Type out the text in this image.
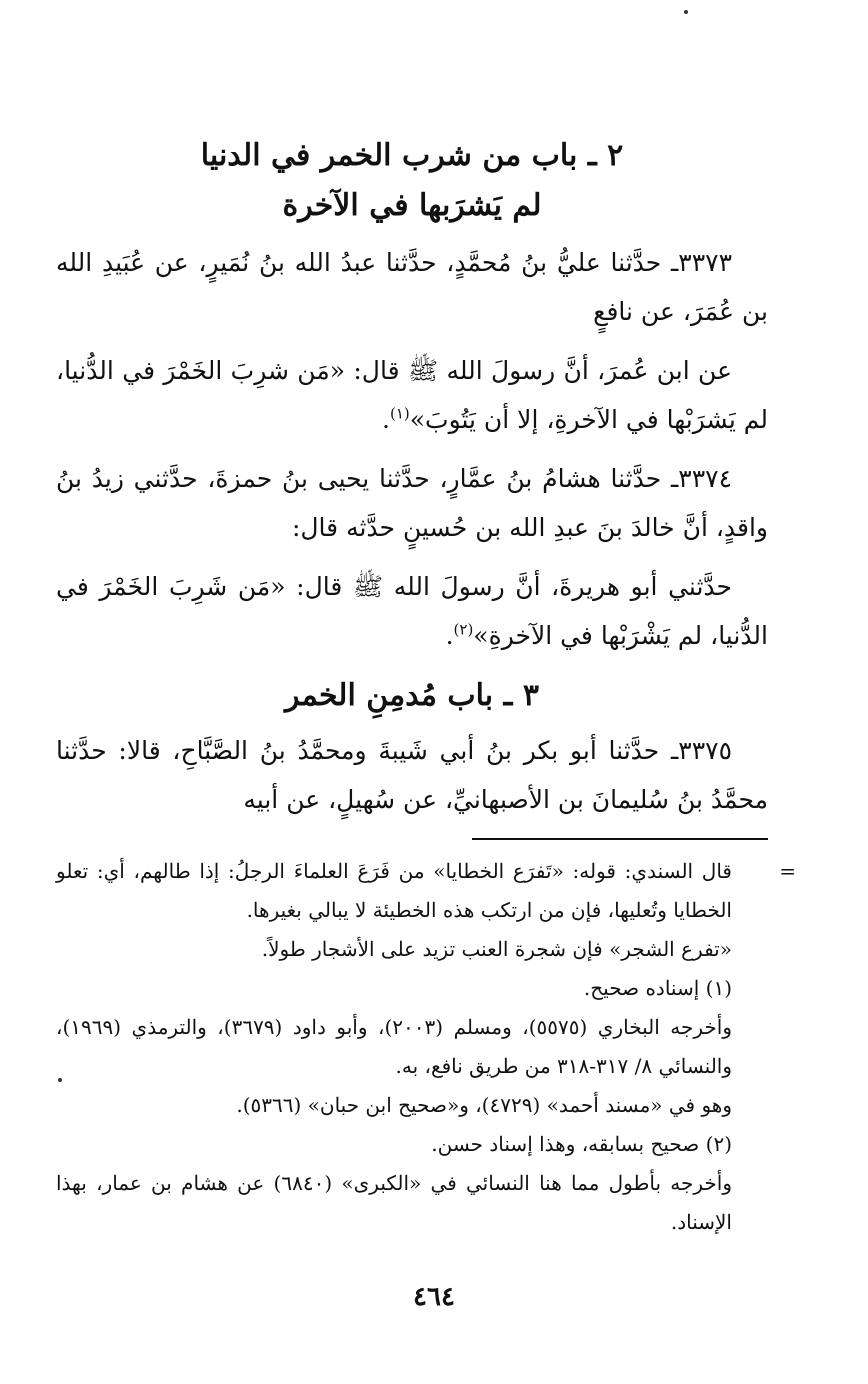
٢ ـ باب من شرب الخمر في الدنيا

لم يَشرَبها في الآخرة

٣٣٧٣ـ حدَّثنا عليُّ بنُ مُحمَّدٍ، حدَّثنا عبدُ الله بنُ نُمَيرٍ، عن عُبَيدِ الله بن عُمَرَ، عن نافعٍ

عن ابن عُمرَ، أنَّ رسولَ الله ﷺ قال: «مَن شرِبَ الخَمْرَ في الدُّنيا، لم يَشرَبْها في الآخرةِ، إلا أن يَتُوبَ»$^{(١)}$.

٣٣٧٤ـ حدَّثنا هشامُ بنُ عمَّارٍ، حدَّثنا يحيى بنُ حمزةَ، حدَّثني زيدُ بنُ واقدٍ، أنَّ خالدَ بنَ عبدِ الله بن حُسينٍ حدَّثه قال:

حدَّثني أبو هريرةَ، أنَّ رسولَ الله ﷺ قال: «مَن شَرِبَ الخَمْرَ في الدُّنيا، لم يَشْرَبْها في الآخرةِ»$^{(٢)}$.

٣ ـ باب مُدمِنِ الخمر

٣٣٧٥ـ حدَّثنا أبو بكر بنُ أبي شَيبةَ ومحمَّدُ بنُ الصَّبَّاحِ، قالا: حدَّثنا محمَّدُ بنُ سُليمانَ بن الأصبهانيِّ، عن سُهيلٍ، عن أبيه

=
قال السندي: قوله: «تَفرَع الخطايا» من فَرَعَ العلماءَ الرجلُ: إذا طالهم، أي: تعلو الخطايا وتُعليها، فإن من ارتكب هذه الخطيئة لا يبالي بغيرها.

«تفرع الشجر» فإن شجرة العنب تزيد على الأشجار طولاً.

(١) إسناده صحيح.

وأخرجه البخاري (٥٥٧٥)، ومسلم (٢٠٠٣)، وأبو داود (٣٦٧٩)، والترمذي (١٩٦٩)، والنسائي ٨/ ٣١٧-٣١٨ من طريق نافع، به.

وهو في «مسند أحمد» (٤٧٢٩)، و«صحيح ابن حبان» (٥٣٦٦).

(٢) صحيح بسابقه، وهذا إسناد حسن.

وأخرجه بأطول مما هنا النسائي في «الكبرى» (٦٨٤٠) عن هشام بن عمار، بهذا الإسناد.

٤٦٤
